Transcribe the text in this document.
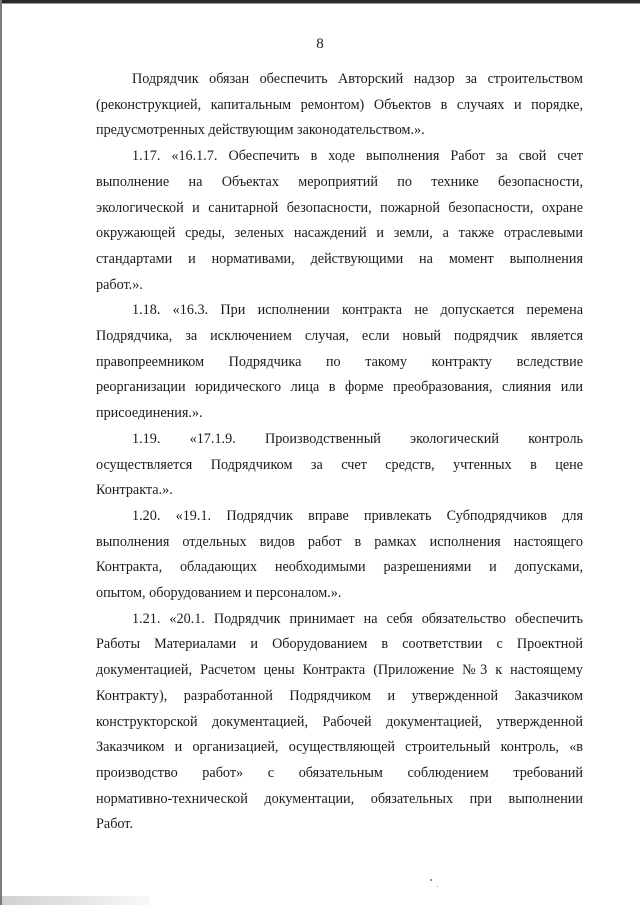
8
Подрядчик обязан обеспечить Авторский надзор за строительством
(реконструкцией, капитальным ремонтом) Объектов в случаях и порядке,
предусмотренных действующим законодательством.».
1.17. «16.1.7. Обеспечить в ходе выполнения Работ за свой счет
выполнение на Объектах мероприятий по технике безопасности,
экологической и санитарной безопасности, пожарной безопасности, охране
окружающей среды, зеленых насаждений и земли, а также отраслевыми
стандартами и нормативами, действующими на момент выполнения
работ.».
1.18. «16.3. При исполнении контракта не допускается перемена
Подрядчика, за исключением случая, если новый подрядчик является
правопреемником Подрядчика по такому контракту вследствие
реорганизации юридического лица в форме преобразования, слияния или
присоединения.».
1.19. «17.1.9. Производственный экологический контроль
осуществляется Подрядчиком за счет средств, учтенных в цене
Контракта.».
1.20. «19.1. Подрядчик вправе привлекать Субподрядчиков для
выполнения отдельных видов работ в рамках исполнения настоящего
Контракта, обладающих необходимыми разрешениями и допусками,
опытом, оборудованием и персоналом.».
1.21. «20.1. Подрядчик принимает на себя обязательство обеспечить
Работы Материалами и Оборудованием в соответствии с Проектной
документацией, Расчетом цены Контракта (Приложение №3 к настоящему
Контракту), разработанной Подрядчиком и утвержденной Заказчиком
конструкторской документацией, Рабочей документацией, утвержденной
Заказчиком и организацией, осуществляющей строительный контроль, «в
производство работ» с обязательным соблюдением требований
нормативно-технической документации, обязательных при выполнении
Работ.
